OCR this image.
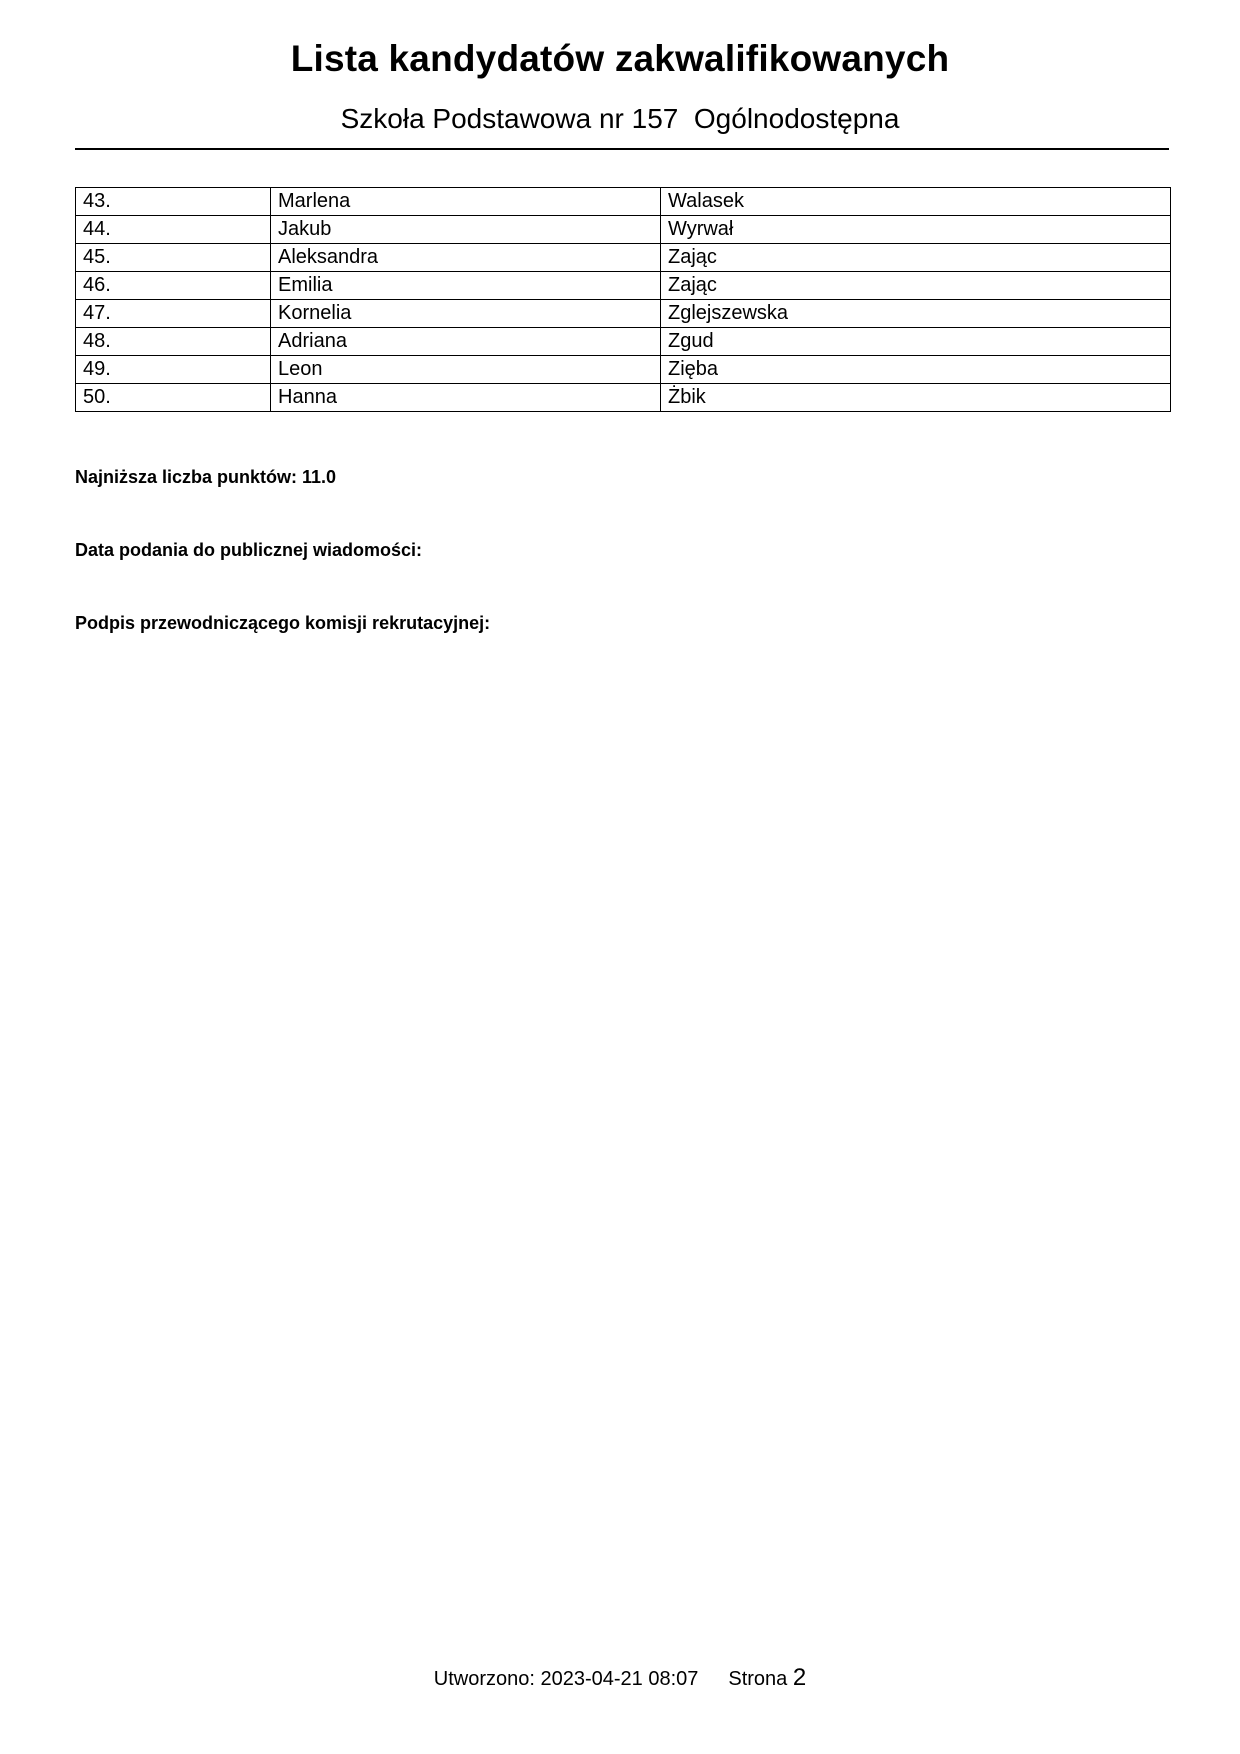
Lista kandydatów zakwalifikowanych
Szkoła Podstawowa nr 157  Ogólnodostępna
43.	Marlena	Walasek
44.	Jakub	Wyrwał
45.	Aleksandra	Zając
46.	Emilia	Zając
47.	Kornelia	Zglejszewska
48.	Adriana	Zgud
49.	Leon	Zięba
50.	Hanna	Żbik
Najniższa liczba punktów: 11.0
Data podania do publicznej wiadomości:
Podpis przewodniczącego komisji rekrutacyjnej:
Utworzono: 2023-04-21 08:07 Strona 2
